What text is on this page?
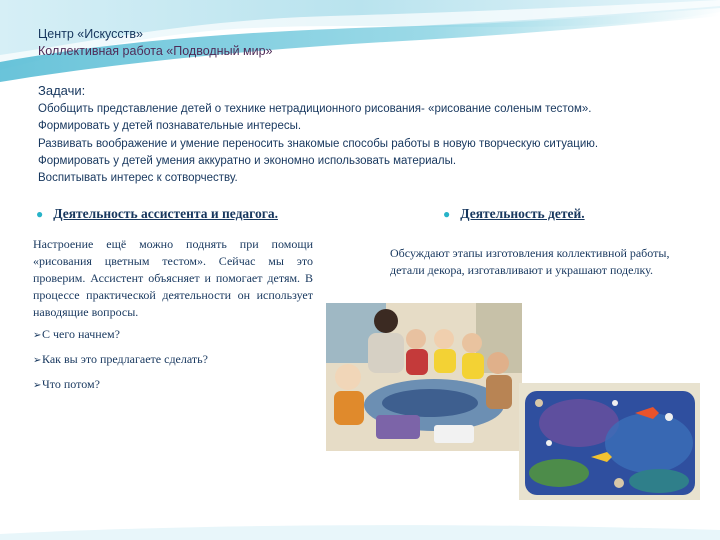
Центр «Искусств»
Коллективная работа «Подводный мир»
Задачи:
Обобщить представление детей о технике нетрадиционного рисования- «рисование соленым тестом».
Формировать у детей познавательные интересы.
Развивать воображение и умение переносить знакомые способы работы в новую творческую ситуацию.
Формировать у детей умения аккуратно и экономно использовать материалы.
Воспитывать интерес к сотворчеству.
● Деятельность ассистента и педагога.	● Деятельность детей.
Настроение ещё можно поднять при помощи «рисования цветным тестом». Сейчас мы это проверим. Ассистент объясняет и помогает детям. В процессе практической деятельности он использует наводящие вопросы.
➢С чего начнем?
➢Как вы это предлагаете сделать?
➢Что потом?
Обсуждают этапы изготовления коллективной работы, детали декора, изготавливают и украшают поделку.
